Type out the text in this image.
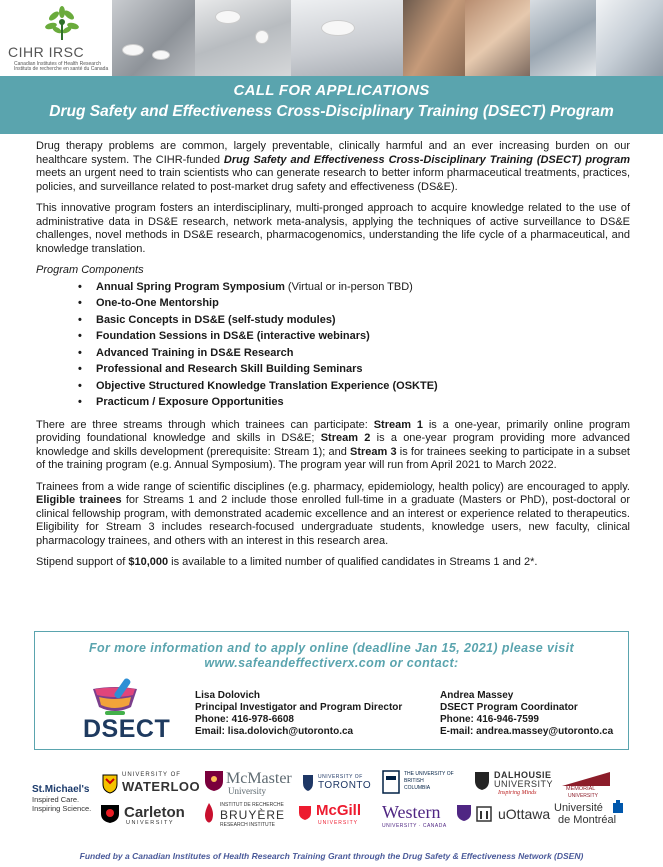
CIHR IRSC
Canadian Institutes of Health Research Instituts de recherche en santé du Canada
CALL FOR APPLICATIONS
Drug Safety and Effectiveness Cross-Disciplinary Training (DSECT) Program

Drug therapy problems are common, largely preventable, clinically harmful and an ever increasing burden on our healthcare system. The CIHR-funded Drug Safety and Effectiveness Cross-Disciplinary Training (DSECT) program meets an urgent need to train scientists who can generate research to better inform pharmaceutical treatments, practices, policies, and surveillance related to post-market drug safety and effectiveness (DS&E).

This innovative program fosters an interdisciplinary, multi-pronged approach to acquire knowledge related to the use of administrative data in DS&E research, network meta-analysis, applying the techniques of active surveillance to DS&E challenges, novel methods in DS&E research, pharmacogenomics, understanding the life cycle of a pharmaceutical, and knowledge translation.

Program Components
• Annual Spring Program Symposium (Virtual or in-person TBD)
• One-to-One Mentorship
• Basic Concepts in DS&E (self-study modules)
• Foundation Sessions in DS&E (interactive webinars)
• Advanced Training in DS&E Research
• Professional and Research Skill Building Seminars
• Objective Structured Knowledge Translation Experience (OSKTE)
• Practicum / Exposure Opportunities

There are three streams through which trainees can participate: Stream 1 is a one-year, primarily online program providing foundational knowledge and skills in DS&E; Stream 2 is a one-year program providing more advanced knowledge and skills development (prerequisite: Stream 1); and Stream 3 is for trainees seeking to participate in a subset of the training program (e.g. Annual Symposium). The program year will run from April 2021 to March 2022.

Trainees from a wide range of scientific disciplines (e.g. pharmacy, epidemiology, health policy) are encouraged to apply. Eligible trainees for Streams 1 and 2 include those enrolled full-time in a graduate (Masters or PhD), post-doctoral or clinical fellowship program, with demonstrated academic excellence and an interest or experience related to therapeutics. Eligibility for Stream 3 includes research-focused undergraduate students, knowledge users, new faculty, clinical pharmacology trainees, and others with an interest in this research area.

Stipend support of $10,000 is available to a limited number of qualified candidates in Streams 1 and 2*.

For more information and to apply online (deadline Jan 15, 2021) please visit
www.safeandeffectiverx.com or contact:
DSECT
Lisa Dolovich
Principal Investigator and Program Director
Phone: 416-978-6608
Email: lisa.dolovich@utoronto.ca
Andrea Massey
DSECT Program Coordinator
Phone: 416-946-7599
E-mail: andrea.massey@utoronto.ca
St.Michael's
Inspired Care.
Inspiring Science.
UNIVERSITY OF
WATERLOO McMaster
University
UNIVERSITY OF
TORONTO
THE UNIVERSITY OF
BRITISH
COLUMBIA
DALHOUSIE
UNIVERSITY
Inspiring Minds
MEMORIAL
UNIVERSITY
Carleton
UNIVERSITY
INSTITUT DE RECHERCHE
BRUYÈRE
RESEARCH INSTITUTE
McGill
UNIVERSITY
Western
UNIVERSITY · CANADA
uOttawa Université
de Montréal
Funded by a Canadian Institutes of Health Research Training Grant through the Drug Safety & Effectiveness Network (DSEN)
